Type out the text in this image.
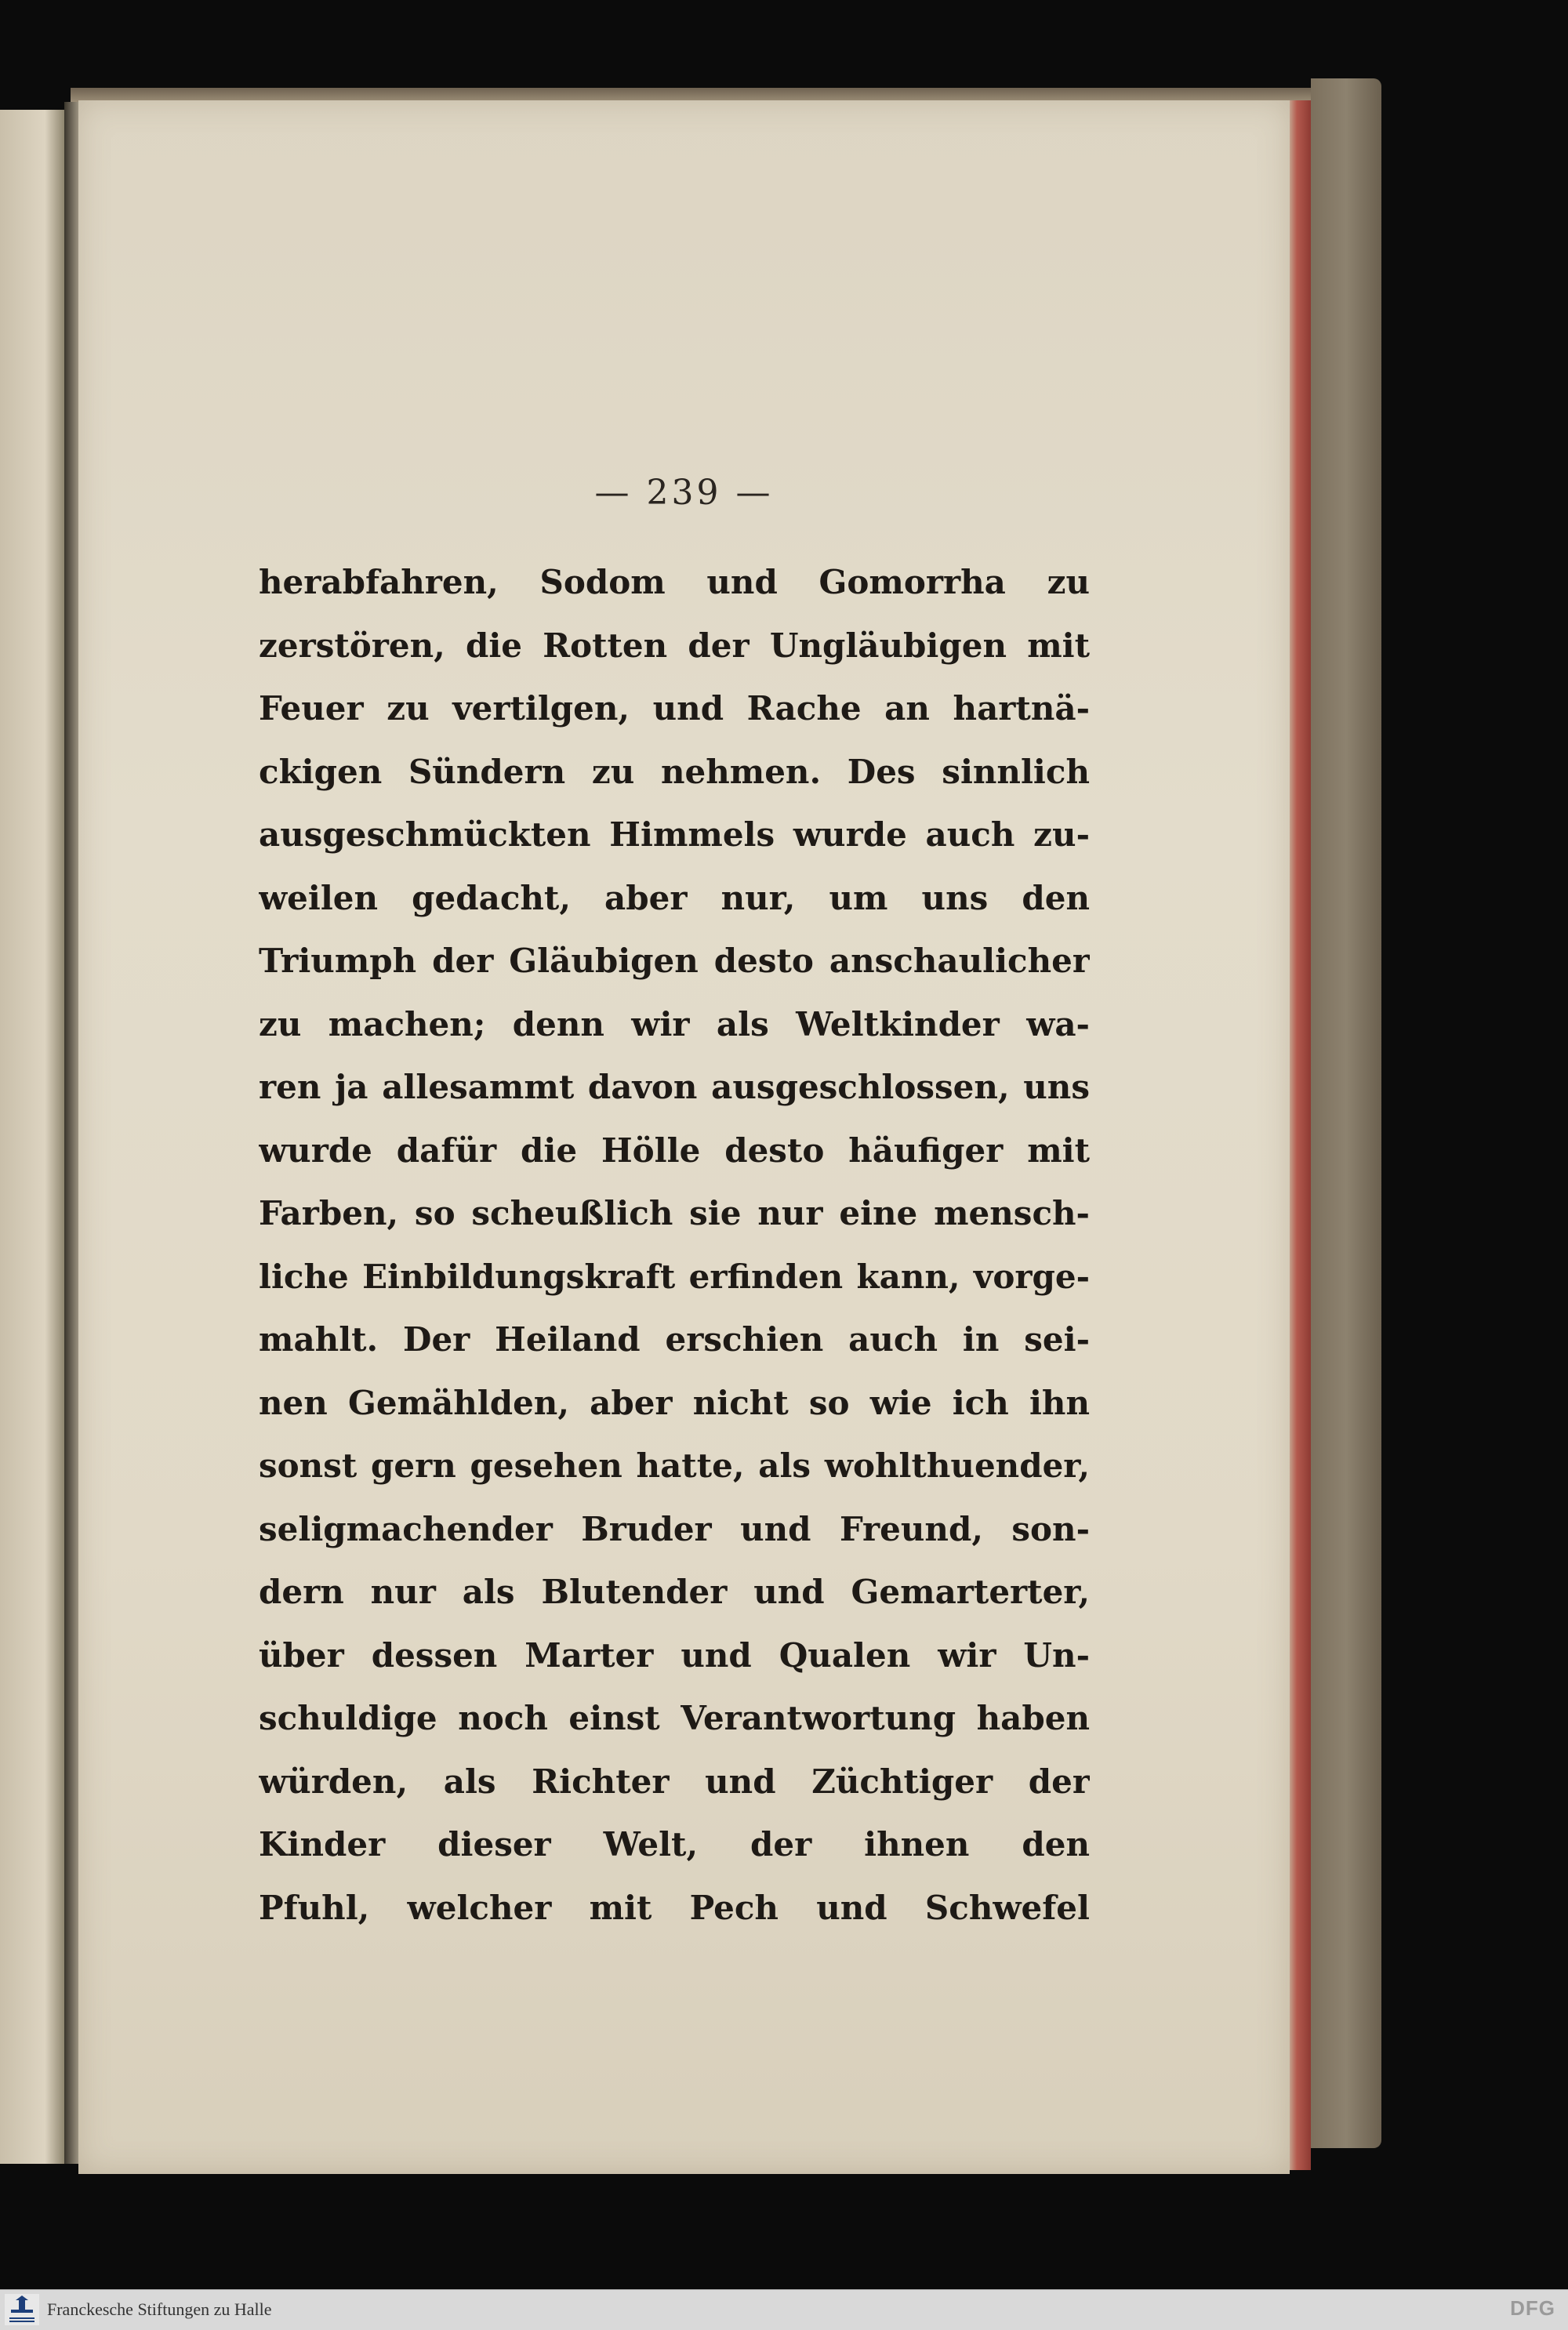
— 239 —
herabfahren, Sodom und Gomorrha zu
zerstören, die Rotten der Ungläubigen mit
Feuer zu vertilgen, und Rache an hartnä-
ckigen Sündern zu nehmen. Des sinnlich
ausgeschmückten Himmels wurde auch zu-
weilen gedacht, aber nur, um uns den
Triumph der Gläubigen desto anschaulicher
zu machen; denn wir als Weltkinder wa-
ren ja allesammt davon ausgeschlossen, uns
wurde dafür die Hölle desto häufiger mit
Farben, so scheußlich sie nur eine mensch-
liche Einbildungskraft erfinden kann, vorge-
mahlt. Der Heiland erschien auch in sei-
nen Gemählden, aber nicht so wie ich ihn
sonst gern gesehen hatte, als wohlthuender,
seligmachender Bruder und Freund, son-
dern nur als Blutender und Gemarterter,
über dessen Marter und Qualen wir Un-
schuldige noch einst Verantwortung haben
würden, als Richter und Züchtiger der
Kinder dieser Welt, der ihnen den
Pfuhl, welcher mit Pech und Schwefel
Franckesche Stiftungen zu Halle	DFG
